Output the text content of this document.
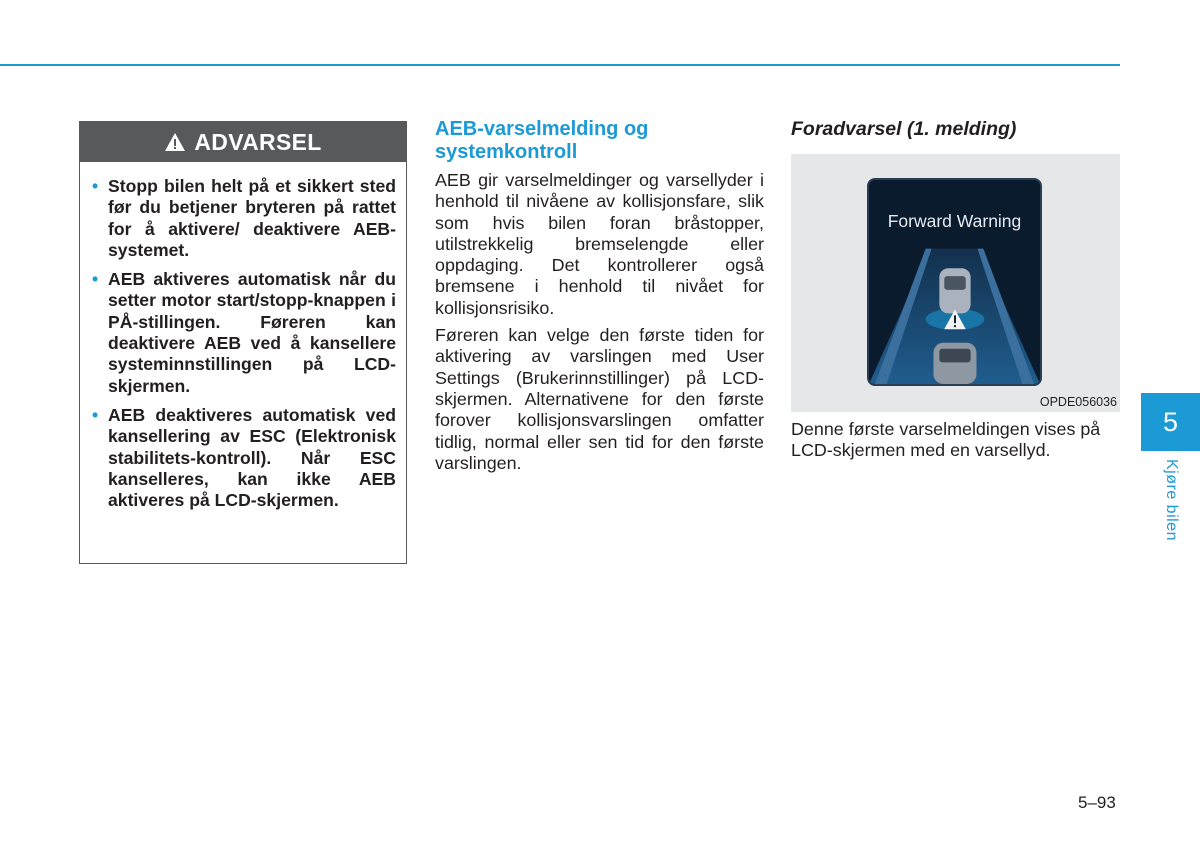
ADVARSEL
• Stopp bilen helt på et sikkert sted før du betjener bryteren på rattet for å aktivere/ deaktivere AEB-systemet.
• AEB aktiveres automatisk når du setter motor start/stopp-knappen i PÅ-stillingen. Føreren kan deaktivere AEB ved å kansellere systeminnstillingen på LCD-skjermen.
• AEB deaktiveres automatisk ved kansellering av ESC (Elektronisk stabilitets-kontroll). Når ESC kanselleres, kan ikke AEB aktiveres på LCD-skjermen.
AEB-varselmelding og systemkontroll

AEB gir varselmeldinger og varsellyder i henhold til nivåene av kollisjonsfare, slik som hvis bilen foran bråstopper, utilstrekkelig bremselengde eller oppdaging. Det kontrollerer også bremsene i henhold til nivået for kollisjonsrisiko.

Føreren kan velge den første tiden for aktivering av varslingen med User Settings (Brukerinnstillinger) på LCD-skjermen. Alternativene for den første forover kollisjonsvarslingen omfatter tidlig, normal eller sen tid for den første varslingen.

Foradvarsel (1. melding)
Forward Warning
OPDE056036

Denne første varselmeldingen vises på LCD-skjermen med en varsellyd.

5
Kjøre bilen
5–93
